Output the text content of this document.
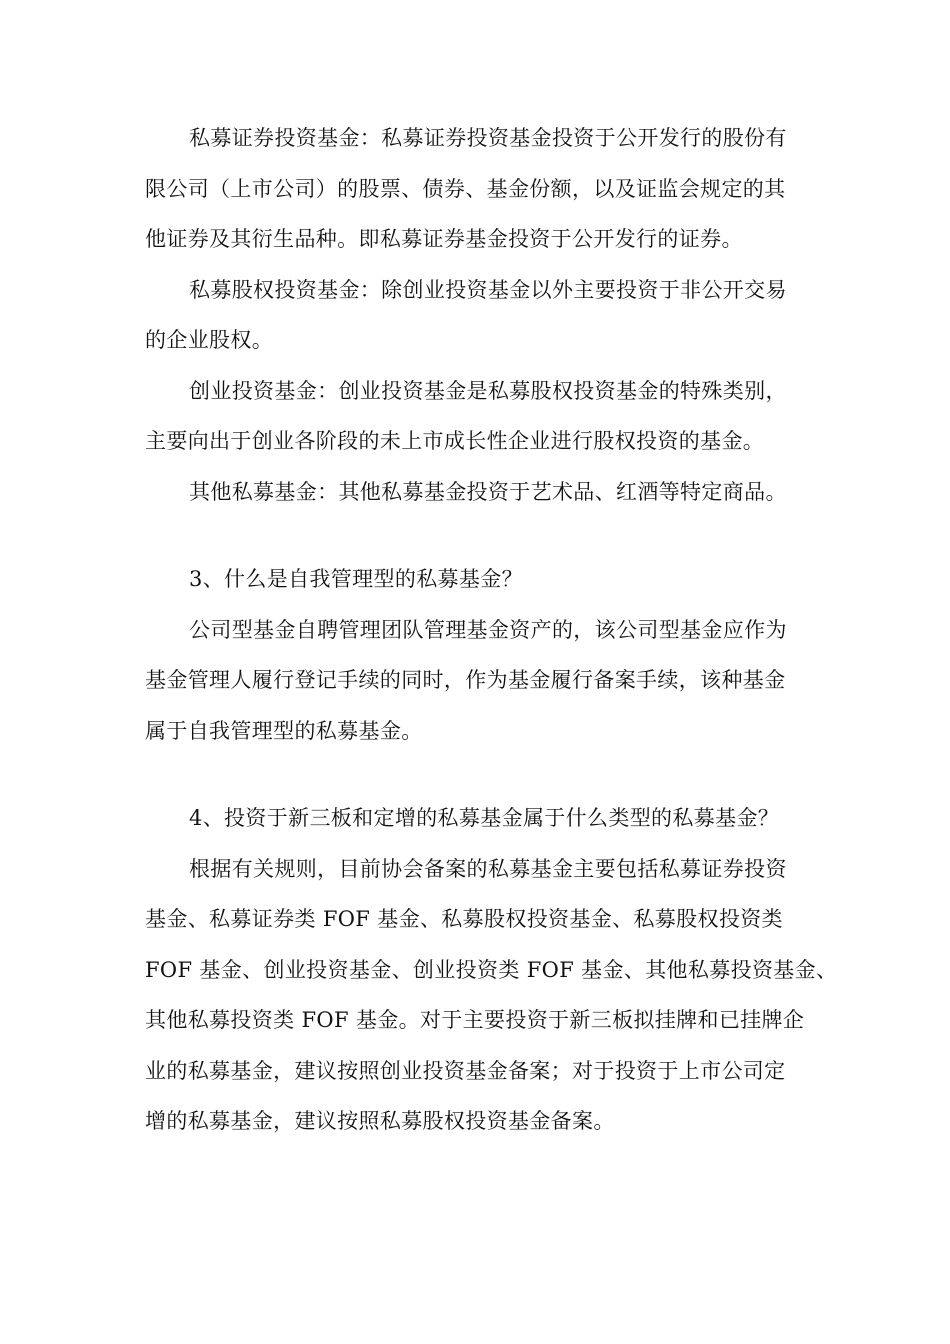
私募证券投资基金：私募证券投资基金投资于公开发行的股份有
限公司（上市公司）的股票、债券、基金份额，以及证监会规定的其
他证券及其衍生品种。即私募证券基金投资于公开发行的证券。
私募股权投资基金：除创业投资基金以外主要投资于非公开交易
的企业股权。
创业投资基金：创业投资基金是私募股权投资基金的特殊类别，
主要向出于创业各阶段的未上市成长性企业进行股权投资的基金。
其他私募基金：其他私募基金投资于艺术品、红酒等特定商品。
3、什么是自我管理型的私募基金？
公司型基金自聘管理团队管理基金资产的，该公司型基金应作为
基金管理人履行登记手续的同时，作为基金履行备案手续，该种基金
属于自我管理型的私募基金。
4、投资于新三板和定增的私募基金属于什么类型的私募基金？
根据有关规则，目前协会备案的私募基金主要包括私募证券投资
基金、私募证券类 FOF 基金、私募股权投资基金、私募股权投资类
FOF 基金、创业投资基金、创业投资类 FOF 基金、其他私募投资基金、
其他私募投资类 FOF 基金。对于主要投资于新三板拟挂牌和已挂牌企
业的私募基金，建议按照创业投资基金备案；对于投资于上市公司定
增的私募基金，建议按照私募股权投资基金备案。
